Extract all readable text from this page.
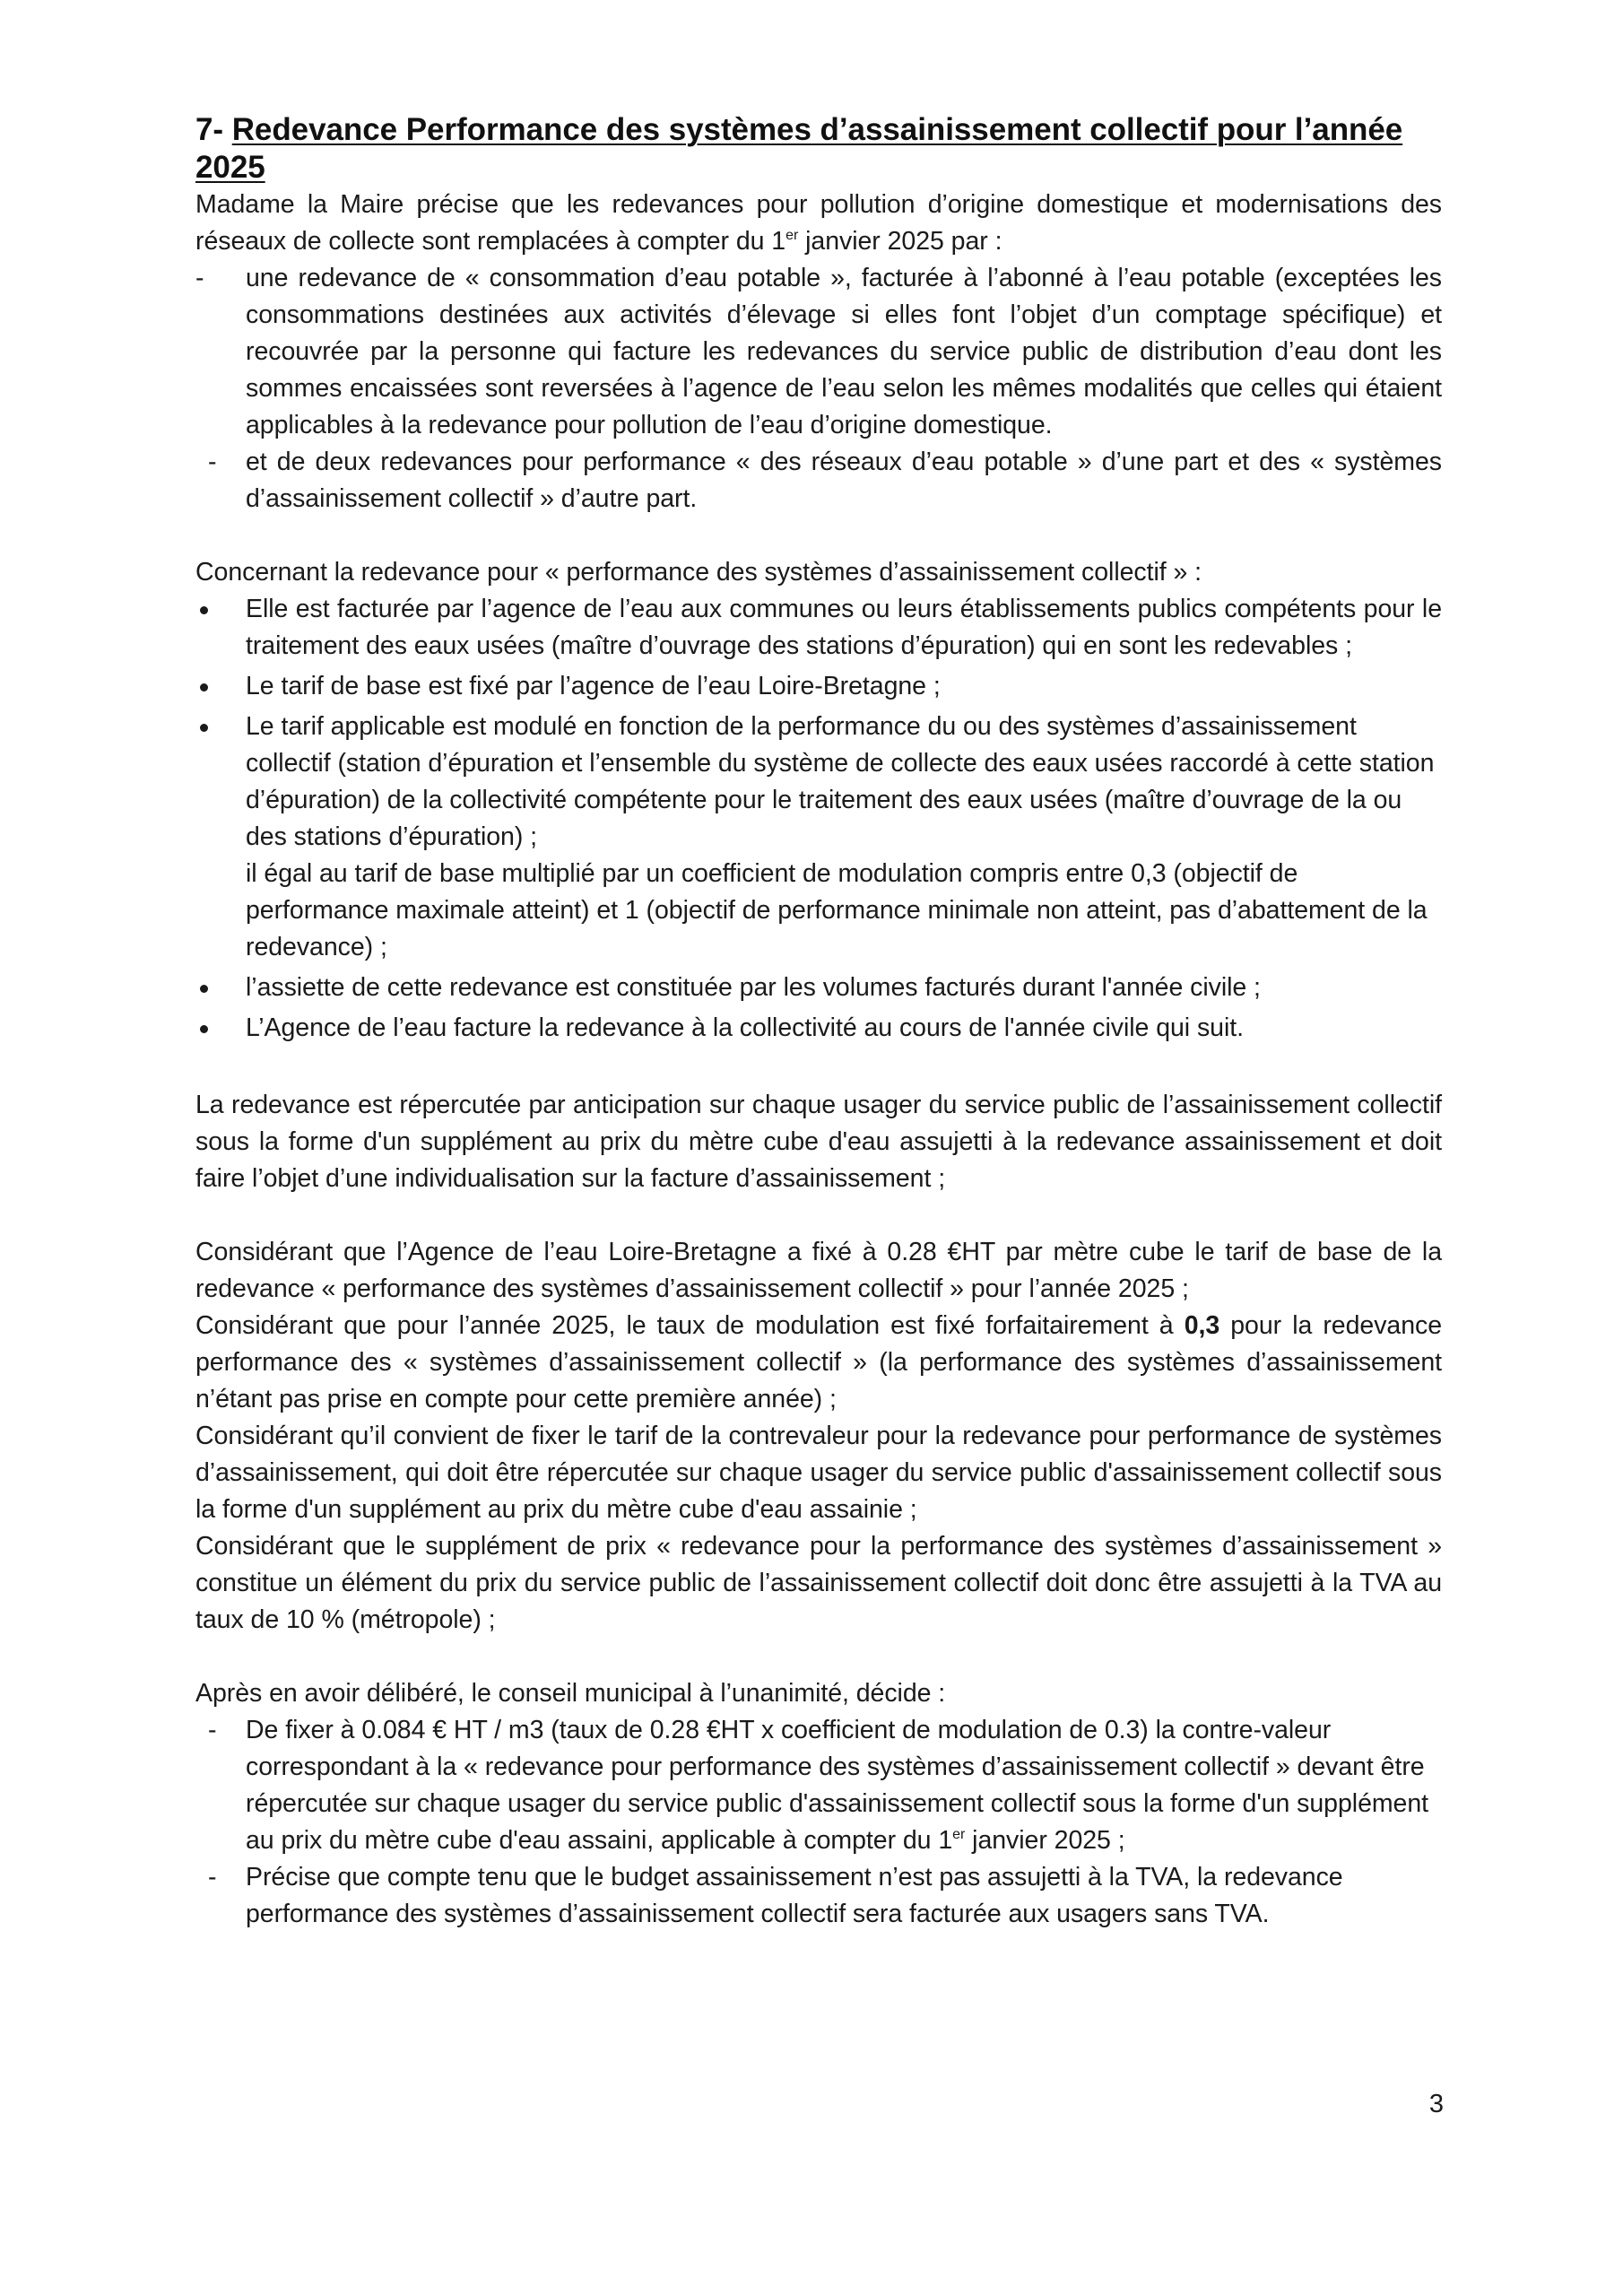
7- Redevance Performance des systèmes d’assainissement collectif pour l’année 2025

Madame la Maire précise que les redevances pour pollution d’origine domestique et modernisations des réseaux de collecte sont remplacées à compter du 1er janvier 2025 par :

- une redevance de « consommation d’eau potable », facturée à l’abonné à l’eau potable (exceptées les consommations destinées aux activités d’élevage si elles font l’objet d’un comptage spécifique) et recouvrée par la personne qui facture les redevances du service public de distribution d’eau dont les sommes encaissées sont reversées à l’agence de l’eau selon les mêmes modalités que celles qui étaient applicables à la redevance pour pollution de l’eau d’origine domestique.
- et de deux redevances pour performance « des réseaux d’eau potable » d’une part et des « systèmes d’assainissement collectif » d’autre part.

Concernant la redevance pour « performance des systèmes d’assainissement collectif » :

Elle est facturée par l’agence de l’eau aux communes ou leurs établissements publics compétents pour le traitement des eaux usées (maître d’ouvrage des stations d’épuration) qui en sont les redevables ;
Le tarif de base est fixé par l’agence de l’eau Loire-Bretagne ;
Le tarif applicable est modulé en fonction de la performance du ou des systèmes d’assainissement collectif (station d’épuration et l’ensemble du système de collecte des eaux usées raccordé à cette station d’épuration) de la collectivité compétente pour le traitement des eaux usées (maître d’ouvrage de la ou des stations d’épuration) ;
il égal au tarif de base multiplié par un coefficient de modulation compris entre 0,3 (objectif de performance maximale atteint) et 1 (objectif de performance minimale non atteint, pas d’abattement de la redevance) ;
l’assiette de cette redevance est constituée par les volumes facturés durant l'année civile ;
L’Agence de l’eau facture la redevance à la collectivité au cours de l'année civile qui suit.

La redevance est répercutée par anticipation sur chaque usager du service public de l’assainissement collectif sous la forme d'un supplément au prix du mètre cube d'eau assujetti à la redevance assainissement et doit faire l’objet d’une individualisation sur la facture d’assainissement ;

Considérant que l’Agence de l’eau Loire-Bretagne a fixé à 0.28 €HT par mètre cube le tarif de base de la redevance « performance des systèmes d’assainissement collectif » pour l’année 2025 ;

Considérant que pour l’année 2025, le taux de modulation est fixé forfaitairement à 0,3 pour la redevance performance des « systèmes d’assainissement collectif » (la performance des systèmes d’assainissement n’étant pas prise en compte pour cette première année) ;

Considérant qu’il convient de fixer le tarif de la contrevaleur pour la redevance pour performance de systèmes d’assainissement, qui doit être répercutée sur chaque usager du service public d'assainissement collectif sous la forme d'un supplément au prix du mètre cube d'eau assainie ;

Considérant que le supplément de prix « redevance pour la performance des systèmes d’assainissement » constitue un élément du prix du service public de l’assainissement collectif doit donc être assujetti à la TVA au taux de 10 % (métropole) ;

Après en avoir délibéré, le conseil municipal à l’unanimité, décide :

- De fixer à 0.084 € HT / m3 (taux de 0.28 €HT x coefficient de modulation de 0.3) la contre-valeur correspondant à la « redevance pour performance des systèmes d’assainissement collectif » devant être répercutée sur chaque usager du service public d'assainissement collectif sous la forme d'un supplément au prix du mètre cube d'eau assaini, applicable à compter du 1er janvier 2025 ;
- Précise que compte tenu que le budget assainissement n’est pas assujetti à la TVA, la redevance performance des systèmes d’assainissement collectif sera facturée aux usagers sans TVA.
3
